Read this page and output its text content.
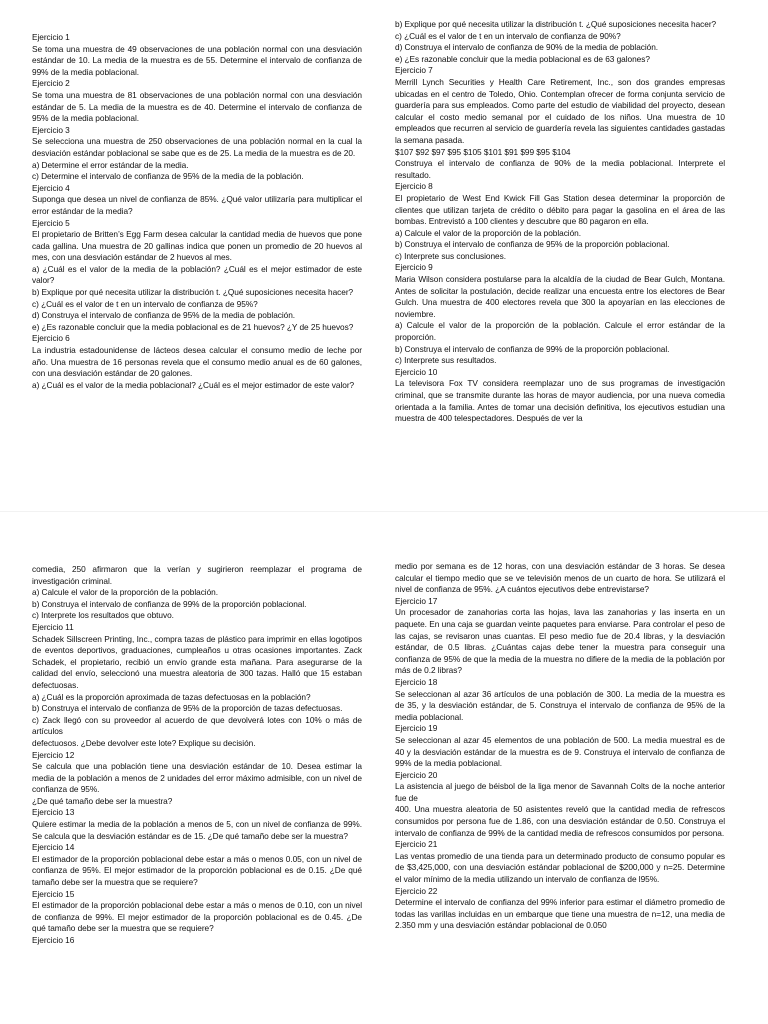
Ejercicio 1
Se toma una muestra de 49 observaciones de una población normal con una desviación estándar de 10. La media de la muestra es de 55. Determine el intervalo de confianza de 99% de la media poblacional.
Ejercicio 2
Se toma una muestra de 81 observaciones de una población normal con una desviación estándar de 5. La media de la muestra es de 40. Determine el intervalo de confianza de 95% de la media poblacional.
Ejercicio 3
Se selecciona una muestra de 250 observaciones de una población normal en la cual la desviación estándar poblacional se sabe que es de 25. La media de la muestra es de 20.
a) Determine el error estándar de la media.
c) Determine el intervalo de confianza de 95% de la media de la población.
Ejercicio 4
Suponga que desea un nivel de confianza de 85%. ¿Qué valor utilizaría para multiplicar el error estándar de la media?
Ejercicio 5
El propietario de Britten’s Egg Farm desea calcular la cantidad media de huevos que pone cada gallina. Una muestra de 20 gallinas indica que ponen un promedio de 20 huevos al mes, con una desviación estándar de 2 huevos al mes.
a) ¿Cuál es el valor de la media de la población? ¿Cuál es el mejor estimador de este valor?
b) Explique por qué necesita utilizar la distribución t. ¿Qué suposiciones necesita hacer?
c) ¿Cuál es el valor de t en un intervalo de confianza de 95%?
d) Construya el intervalo de confianza de 95% de la media de población.
e) ¿Es razonable concluir que la media poblacional es de 21 huevos? ¿Y de 25 huevos?
Ejercicio 6
La industria estadounidense de lácteos desea calcular el consumo medio de leche por año. Una muestra de 16 personas revela que el consumo medio anual es de 60 galones, con una desviación estándar de 20 galones.
a) ¿Cuál es el valor de la media poblacional? ¿Cuál es el mejor estimador de este valor?
b) Explique por qué necesita utilizar la distribución t. ¿Qué suposiciones necesita hacer?
c) ¿Cuál es el valor de t en un intervalo de confianza de 90%?
d) Construya el intervalo de confianza de 90% de la media de población.
e) ¿Es razonable concluir que la media poblacional es de 63 galones?
Ejercicio 7
Merrill Lynch Securities y Health Care Retirement, Inc., son dos grandes empresas ubicadas en el centro de Toledo, Ohio. Contemplan ofrecer de forma conjunta servicio de guardería para sus empleados. Como parte del estudio de viabilidad del proyecto, desean calcular el costo medio semanal por el cuidado de los niños. Una muestra de 10 empleados que recurren al servicio de guardería revela las siguientes cantidades gastadas la semana pasada.
$107 $92 $97 $95 $105 $101 $91 $99 $95 $104
Construya el intervalo de confianza de 90% de la media poblacional. Interprete el resultado.
Ejercicio 8
El propietario de West End Kwick Fill Gas Station desea determinar la proporción de clientes que utilizan tarjeta de crédito o débito para pagar la gasolina en el área de las bombas. Entrevistó a 100 clientes y descubre que 80 pagaron en ella.
a) Calcule el valor de la proporción de la población.
b) Construya el intervalo de confianza de 95% de la proporción poblacional.
c) Interprete sus conclusiones.
Ejercicio 9
Maria Wilson considera postularse para la alcaldía de la ciudad de Bear Gulch, Montana. Antes de solicitar la postulación, decide realizar una encuesta entre los electores de Bear Gulch. Una muestra de 400 electores revela que 300 la apoyarían en las elecciones de noviembre.
a) Calcule el valor de la proporción de la población. Calcule el error estándar de la proporción.
b) Construya el intervalo de confianza de 99% de la proporción poblacional.
c) Interprete sus resultados.
Ejercicio 10
La televisora Fox TV considera reemplazar uno de sus programas de investigación criminal, que se transmite durante las horas de mayor audiencia, por una nueva comedia orientada a la familia. Antes de tomar una decisión definitiva, los ejecutivos estudian una muestra de 400 telespectadores. Después de ver la
comedia, 250 afirmaron que la verían y sugirieron reemplazar el programa de investigación criminal.
a) Calcule el valor de la proporción de la población.
b) Construya el intervalo de confianza de 99% de la proporción poblacional.
c) Interprete los resultados que obtuvo.
Ejercicio 11
Schadek Sillscreen Printing, Inc., compra tazas de plástico para imprimir en ellas logotipos de eventos deportivos, graduaciones, cumpleaños u otras ocasiones importantes. Zack Schadek, el propietario, recibió un envío grande esta mañana. Para asegurarse de la calidad del envío, seleccionó una muestra aleatoria de 300 tazas. Halló que 15 estaban defectuosas.
a) ¿Cuál es la proporción aproximada de tazas defectuosas en la población?
b) Construya el intervalo de confianza de 95% de la proporción de tazas defectuosas.
c) Zack llegó con su proveedor al acuerdo de que devolverá lotes con 10% o más de artículos
defectuosos. ¿Debe devolver este lote? Explique su decisión.
Ejercicio 12
Se calcula que una población tiene una desviación estándar de 10. Desea estimar la media de la población a menos de 2 unidades del error máximo admisible, con un nivel de confianza de 95%.
¿De qué tamaño debe ser la muestra?
Ejercicio 13
Quiere estimar la media de la población a menos de 5, con un nivel de confianza de 99%. Se calcula que la desviación estándar es de 15. ¿De qué tamaño debe ser la muestra?
Ejercicio 14
El estimador de la proporción poblacional debe estar a más o menos 0.05, con un nivel de confianza de 95%. El mejor estimador de la proporción poblacional es de 0.15. ¿De qué tamaño debe ser la muestra que se requiere?
Ejercicio 15
El estimador de la proporción poblacional debe estar a más o menos de 0.10, con un nivel de confianza de 99%. El mejor estimador de la proporción poblacional es de 0.45. ¿De qué tamaño debe ser la muestra que se requiere?
Ejercicio 16
medio por semana es de 12 horas, con una desviación estándar de 3 horas. Se desea calcular el tiempo medio que se ve televisión menos de un cuarto de hora. Se utilizará el nivel de confianza de 95%. ¿A cuántos ejecutivos debe entrevistarse?
Ejercicio 17
Un procesador de zanahorias corta las hojas, lava las zanahorias y las inserta en un paquete. En una caja se guardan veinte paquetes para enviarse. Para controlar el peso de las cajas, se revisaron unas cuantas. El peso medio fue de 20.4 libras, y la desviación estándar, de 0.5 libras. ¿Cuántas cajas debe tener la muestra para conseguir una confianza de 95% de que la media de la muestra no difiere de la media de la población por más de 0.2 libras?
Ejercicio 18
Se seleccionan al azar 36 artículos de una población de 300. La media de la muestra es de 35, y la desviación estándar, de 5. Construya el intervalo de confianza de 95% de la media poblacional.
Ejercicio 19
Se seleccionan al azar 45 elementos de una población de 500. La media muestral es de 40 y la desviación estándar de la muestra es de 9. Construya el intervalo de confianza de 99% de la media poblacional.
Ejercicio 20
La asistencia al juego de béisbol de la liga menor de Savannah Colts de la noche anterior fue de
400. Una muestra aleatoria de 50 asistentes reveló que la cantidad media de refrescos consumidos por persona fue de 1.86, con una desviación estándar de 0.50. Construya el intervalo de confianza de 99% de la cantidad media de refrescos consumidos por persona.
Ejercicio 21
Las ventas promedio de una tienda para un determinado producto de consumo popular es de $3,425,000, con una desviación estándar poblacional de $200,000 y n=25. Determine el valor mínimo de la media utilizando un intervalo de confianza de l95%.
Ejercicio 22
Determine el intervalo de confianza del 99% inferior para estimar el diámetro promedio de todas las varillas incluidas en un embarque que tiene una muestra de n=12, una media de 2.350 mm y una desviación estándar poblacional de 0.050
